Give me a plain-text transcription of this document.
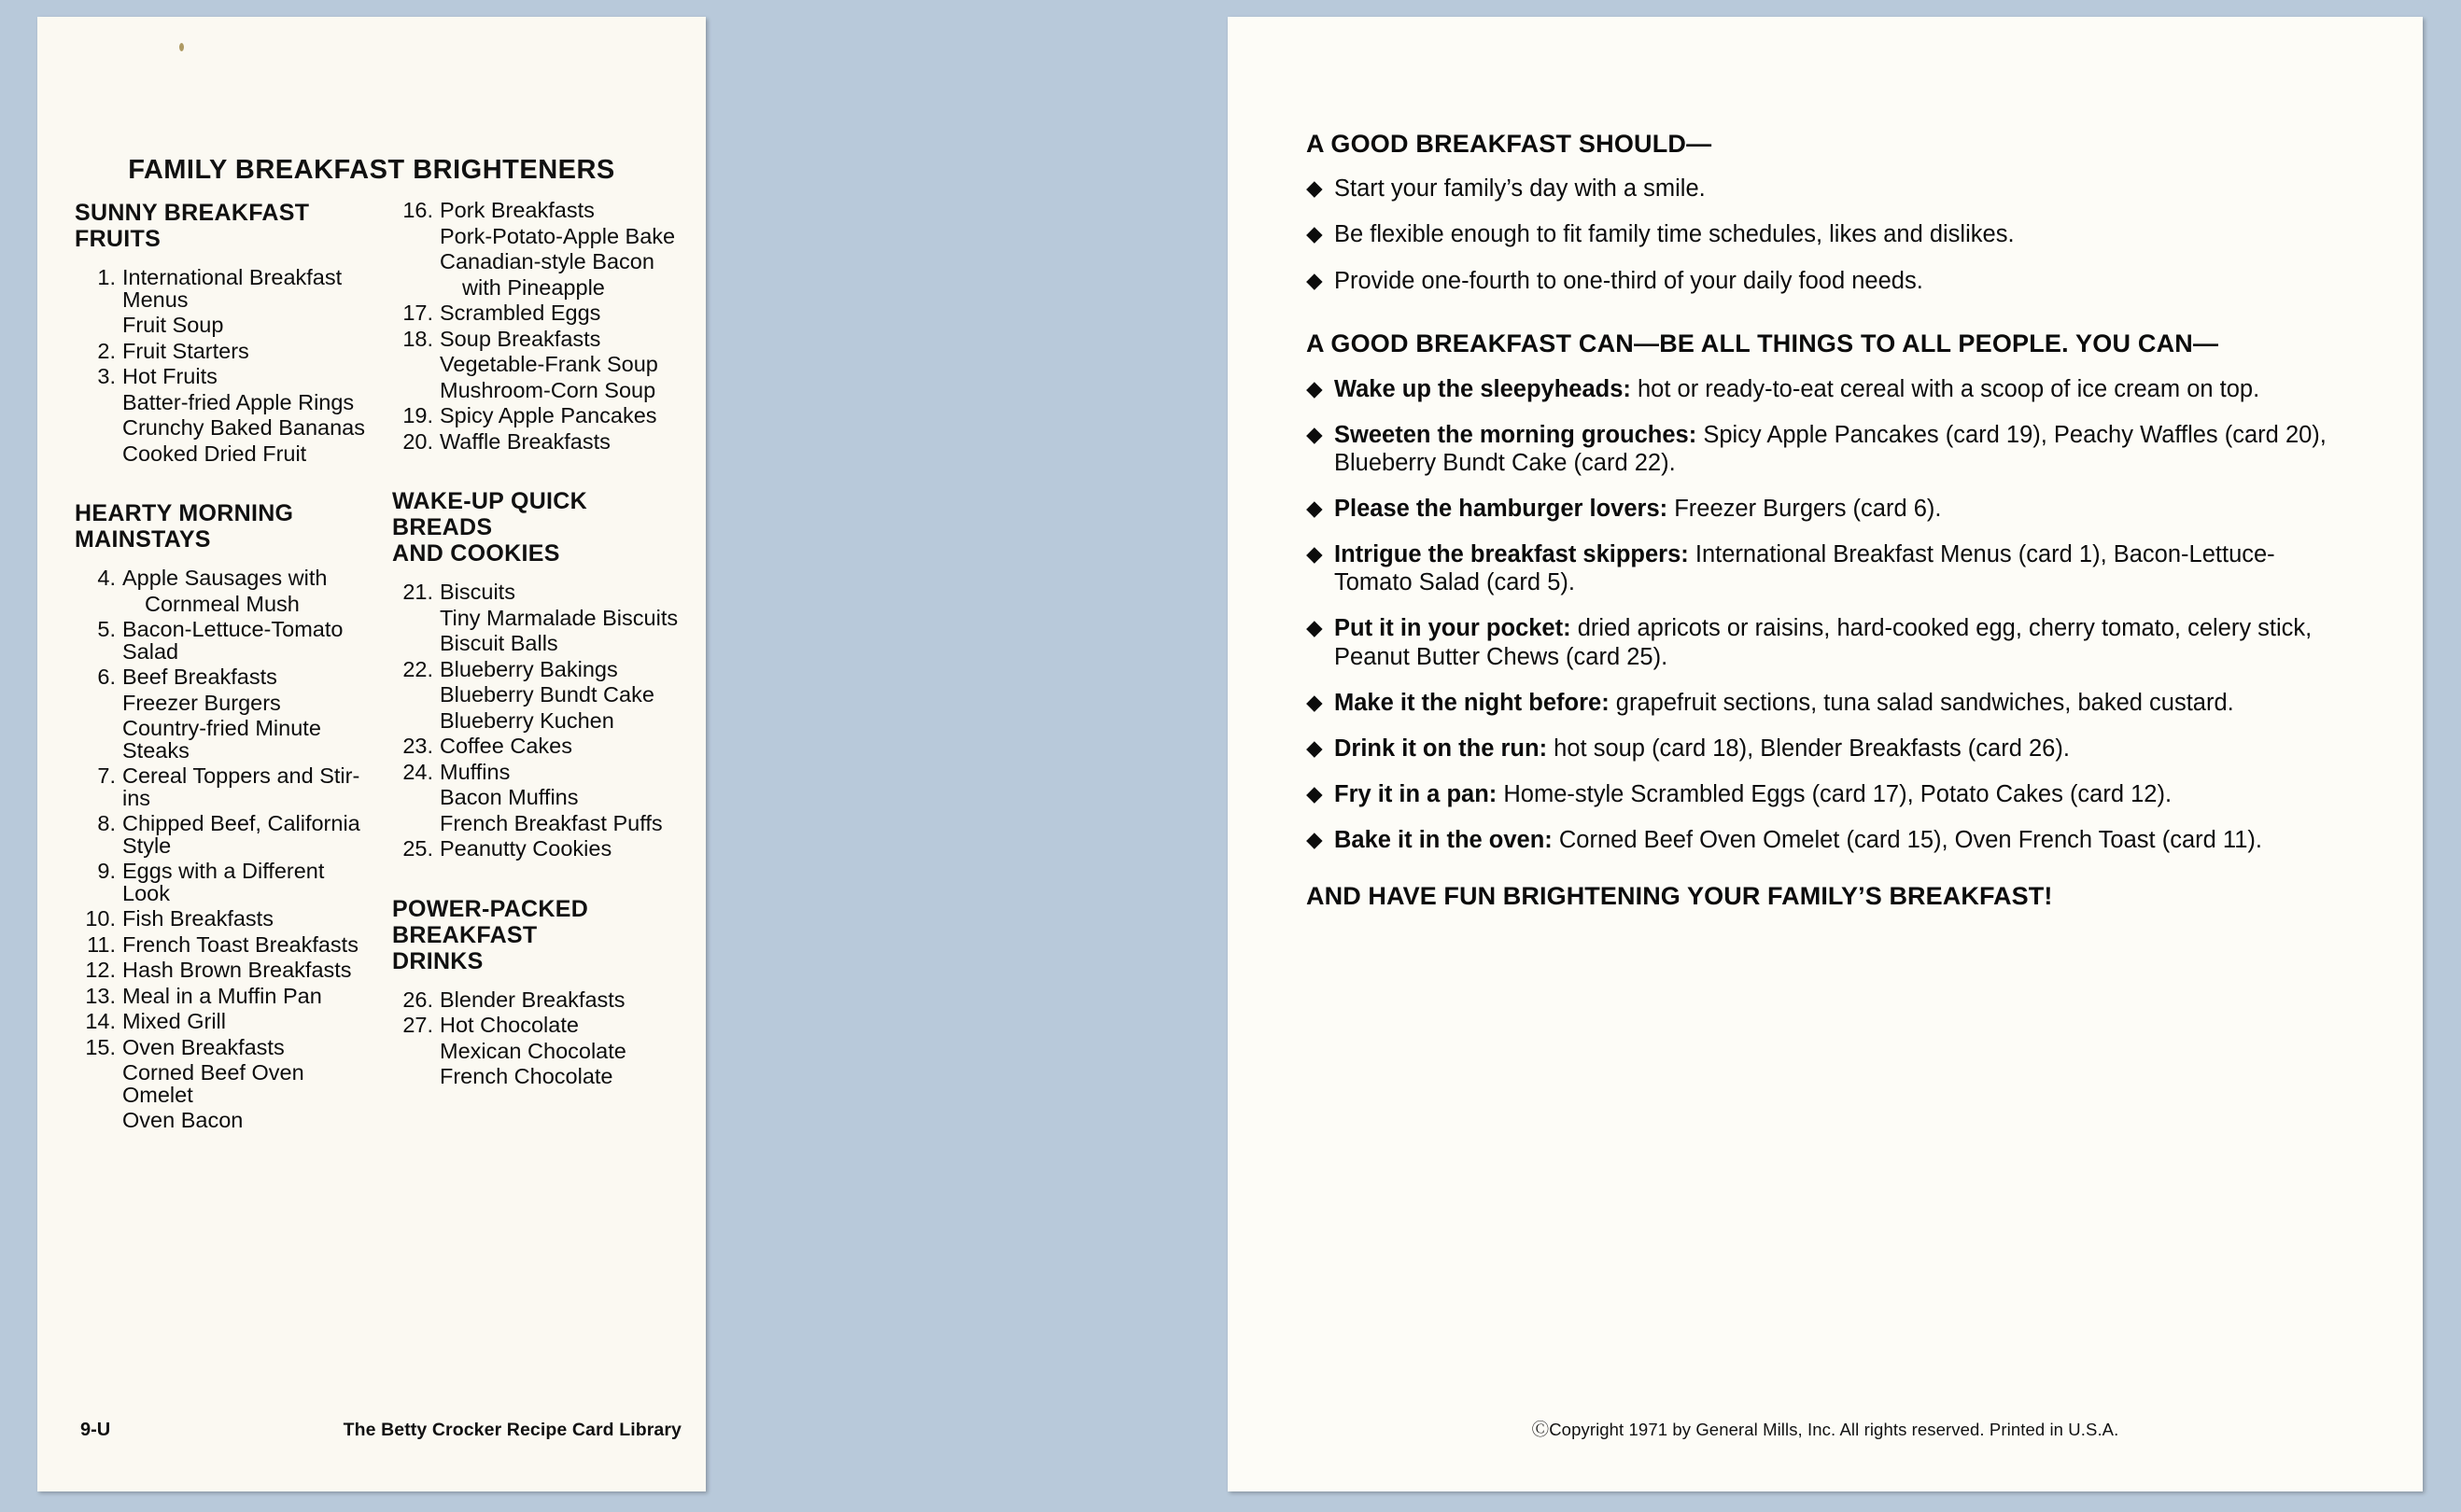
FAMILY BREAKFAST BRIGHTENERS
SUNNY BREAKFAST FRUITS
1. International Breakfast Menus
Fruit Soup
2. Fruit Starters
3. Hot Fruits
Batter-fried Apple Rings
Crunchy Baked Bananas
Cooked Dried Fruit
HEARTY MORNING
MAINSTAYS
4. Apple Sausages with
Cornmeal Mush
5. Bacon-Lettuce-Tomato Salad
6. Beef Breakfasts
Freezer Burgers
Country-fried Minute Steaks
7. Cereal Toppers and Stir-ins
8. Chipped Beef, California Style
9. Eggs with a Different Look
10. Fish Breakfasts
11. French Toast Breakfasts
12. Hash Brown Breakfasts
13. Meal in a Muffin Pan
14. Mixed Grill
15. Oven Breakfasts
Corned Beef Oven Omelet
Oven Bacon
16. Pork Breakfasts
Pork-Potato-Apple Bake
Canadian-style Bacon
with Pineapple
17. Scrambled Eggs
18. Soup Breakfasts
Vegetable-Frank Soup
Mushroom-Corn Soup
19. Spicy Apple Pancakes
20. Waffle Breakfasts
WAKE-UP QUICK BREADS
AND COOKIES
21. Biscuits
Tiny Marmalade Biscuits
Biscuit Balls
22. Blueberry Bakings
Blueberry Bundt Cake
Blueberry Kuchen
23. Coffee Cakes
24. Muffins
Bacon Muffins
French Breakfast Puffs
25. Peanutty Cookies
POWER-PACKED BREAKFAST
DRINKS
26. Blender Breakfasts
27. Hot Chocolate
Mexican Chocolate
French Chocolate
9-U	The Betty Crocker Recipe Card Library
A GOOD BREAKFAST SHOULD—
◆ Start your family’s day with a smile.
◆ Be flexible enough to fit family time schedules, likes and dislikes.
◆ Provide one-fourth to one-third of your daily food needs.
A GOOD BREAKFAST CAN—BE ALL THINGS TO ALL PEOPLE. YOU CAN—
◆ Wake up the sleepyheads: hot or ready-to-eat cereal with a scoop of ice cream on top.
◆ Sweeten the morning grouches: Spicy Apple Pancakes (card 19), Peachy Waffles (card 20), Blueberry Bundt Cake (card 22).
◆ Please the hamburger lovers: Freezer Burgers (card 6).
◆ Intrigue the breakfast skippers: International Breakfast Menus (card 1), Bacon-Lettuce-Tomato Salad (card 5).
◆ Put it in your pocket: dried apricots or raisins, hard-cooked egg, cherry tomato, celery stick, Peanut Butter Chews (card 25).
◆ Make it the night before: grapefruit sections, tuna salad sandwiches, baked custard.
◆ Drink it on the run: hot soup (card 18), Blender Breakfasts (card 26).
◆ Fry it in a pan: Home-style Scrambled Eggs (card 17), Potato Cakes (card 12).
◆ Bake it in the oven: Corned Beef Oven Omelet (card 15), Oven French Toast (card 11).
AND HAVE FUN BRIGHTENING YOUR FAMILY’S BREAKFAST!
ⒸCopyright 1971 by General Mills, Inc. All rights reserved. Printed in U.S.A.
